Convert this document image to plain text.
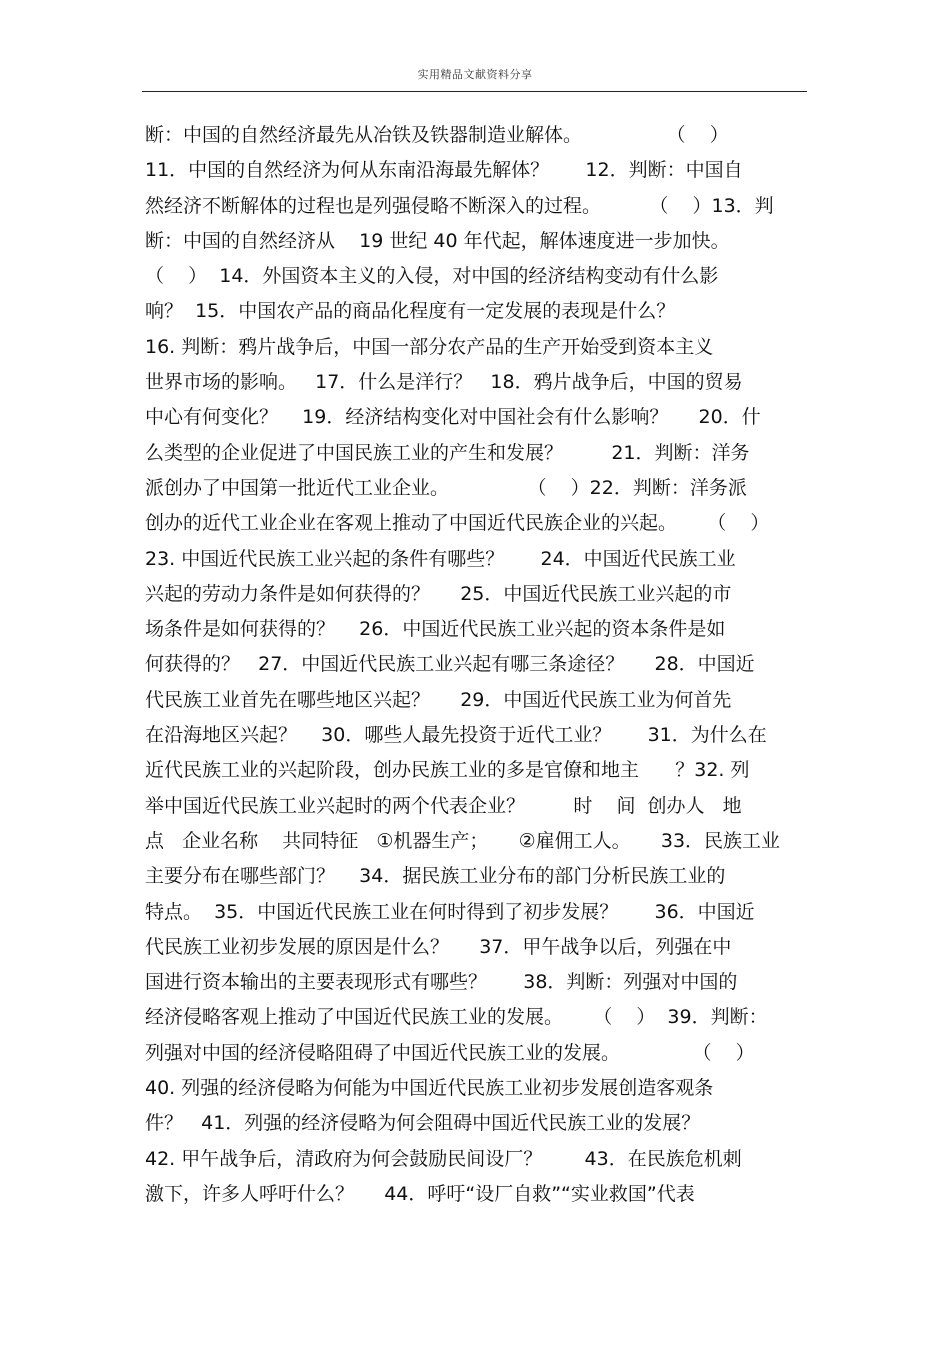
实用精品文献资料分享
断：中国的自然经济最先从冶铁及铁器制造业解体。              （    ）
11．中国的自然经济为何从东南沿海最先解体？      12．判断：中国自
然经济不断解体的过程也是列强侵略不断深入的过程。        （    ）13．判
断：中国的自然经济从    19 世纪 40 年代起，解体速度进一步加快。
（    ）  14．外国资本主义的入侵，对中国的经济结构变动有什么影
响？  15．中国农产品的商品化程度有一定发展的表现是什么？
16. 判断：鸦片战争后，中国一部分农产品的生产开始受到资本主义
世界市场的影响。   17．什么是洋行？   18．鸦片战争后，中国的贸易
中心有何变化？    19．经济结构变化对中国社会有什么影响？     20．什
么类型的企业促进了中国民族工业的产生和发展？        21．判断：洋务
派创办了中国第一批近代工业企业。             （    ）22．判断：洋务派
创办的近代工业企业在客观上推动了中国近代民族企业的兴起。     （    ）
23. 中国近代民族工业兴起的条件有哪些？      24．中国近代民族工业
兴起的劳动力条件是如何获得的？     25．中国近代民族工业兴起的市
场条件是如何获得的？    26．中国近代民族工业兴起的资本条件是如
何获得的？   27．中国近代民族工业兴起有哪三条途径？     28．中国近
代民族工业首先在哪些地区兴起？     29．中国近代民族工业为何首先
在沿海地区兴起？    30．哪些人最先投资于近代工业？      31．为什么在
近代民族工业的兴起阶段，创办民族工业的多是官僚和地主      ？32. 列
举中国近代民族工业兴起时的两个代表企业？        时    间  创办人   地
点   企业名称    共同特征   ①机器生产；     ②雇佣工人。     33．民族工业
主要分布在哪些部门？    34．据民族工业分布的部门分析民族工业的
特点。  35．中国近代民族工业在何时得到了初步发展？      36．中国近
代民族工业初步发展的原因是什么？     37．甲午战争以后，列强在中
国进行资本输出的主要表现形式有哪些？      38．判断：列强对中国的
经济侵略客观上推动了中国近代民族工业的发展。     （    ）  39．判断：
列强对中国的经济侵略阻碍了中国近代民族工业的发展。            （    ）
40. 列强的经济侵略为何能为中国近代民族工业初步发展创造客观条
件？   41．列强的经济侵略为何会阻碍中国近代民族工业的发展？
42. 甲午战争后，清政府为何会鼓励民间设厂？       43．在民族危机刺
激下，许多人呼吁什么？     44．呼吁“设厂自救”“实业救国”代表
